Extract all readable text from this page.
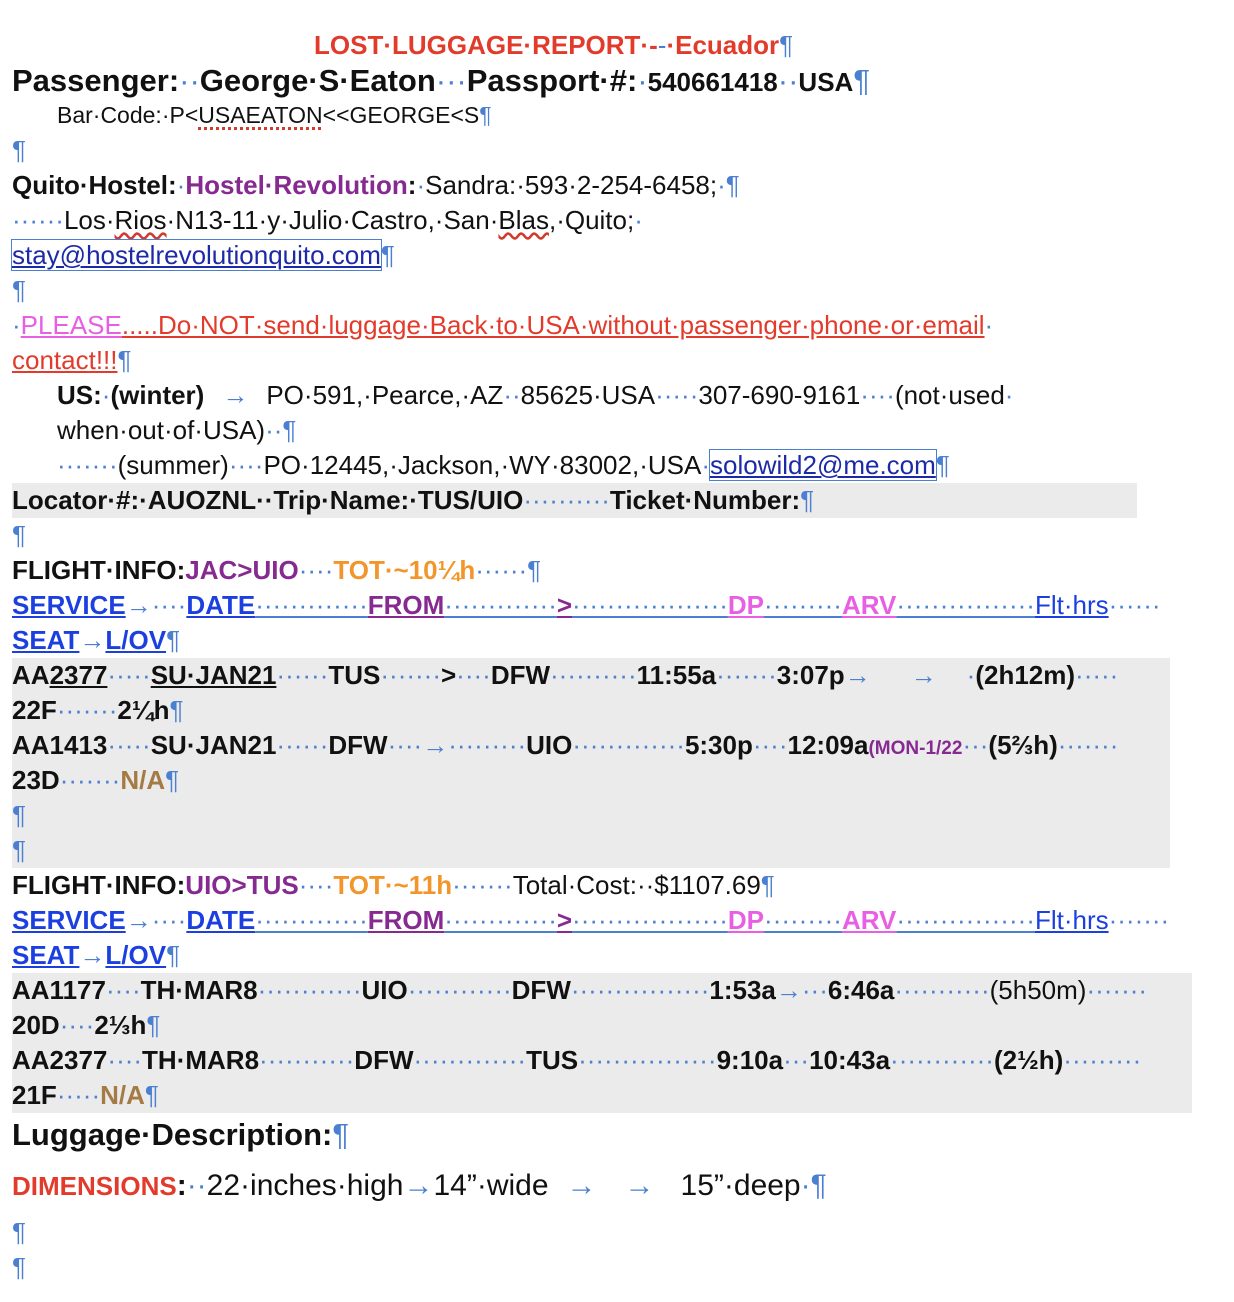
LOST·LUGGAGE·REPORT·--·Ecuador¶
Passenger:··George·S·Eaton···Passport·#:·540661418··USA¶
Bar·Code:·P<USAEATON<<GEORGE<S¶
¶
Quito·Hostel:·Hostel·Revolution:·Sandra:·593·2-254-6458;·¶
······Los·Rios·N13-11·y·Julio·Castro,·San·Blas,·Quito;·
stay@hostelrevolutionquito.com¶
¶
·PLEASE.....Do·NOT·send·luggage·Back·to·USA·without·passenger·phone·or·email·
contact!!!¶
US:·(winter) → PO·591,·Pearce,·AZ··85625·USA·····307-690-9161····(not·used·
when·out·of·USA)··¶
·······(summer)····PO·12445,·Jackson,·WY·83002,·USA·solowild2@me.com¶
Locator·#:·AUOZNL··Trip·Name:·TUS/UIO··········Ticket·Number:¶
¶
FLIGHT·INFO:JAC>UIO····TOT·~10¼h······¶
SERVICE→····DATE·············FROM·············>··················DP·········ARV················Flt·hrs······
SEAT→L/OV¶
AA2377·····SU·JAN21······TUS·······>····DFW··········11:55a·······3:07p→ → ·(2h12m)·····
22F·······2¼h¶
AA1413·····SU·JAN21······DFW····→·········UIO·············5:30p····12:09a(MON-1/22···(5⅔h)·······
23D·······N/A¶
¶
¶
FLIGHT·INFO:UIO>TUS····TOT·~11h·······Total·Cost:··$1107.69¶
SERVICE→····DATE·············FROM·············>··················DP·········ARV················Flt·hrs·······
SEAT→L/OV¶
AA1177····TH·MAR8············UIO············DFW················1:53a→···6:46a···········(5h50m)·······
20D····2⅓h¶
AA2377····TH·MAR8···········DFW·············TUS················9:10a···10:43a············(2½h)·········
21F·····N/A¶
Luggage·Description:¶
DIMENSIONS:··22·inches·high→14”·wide → → 15”·deep·¶
¶
¶
